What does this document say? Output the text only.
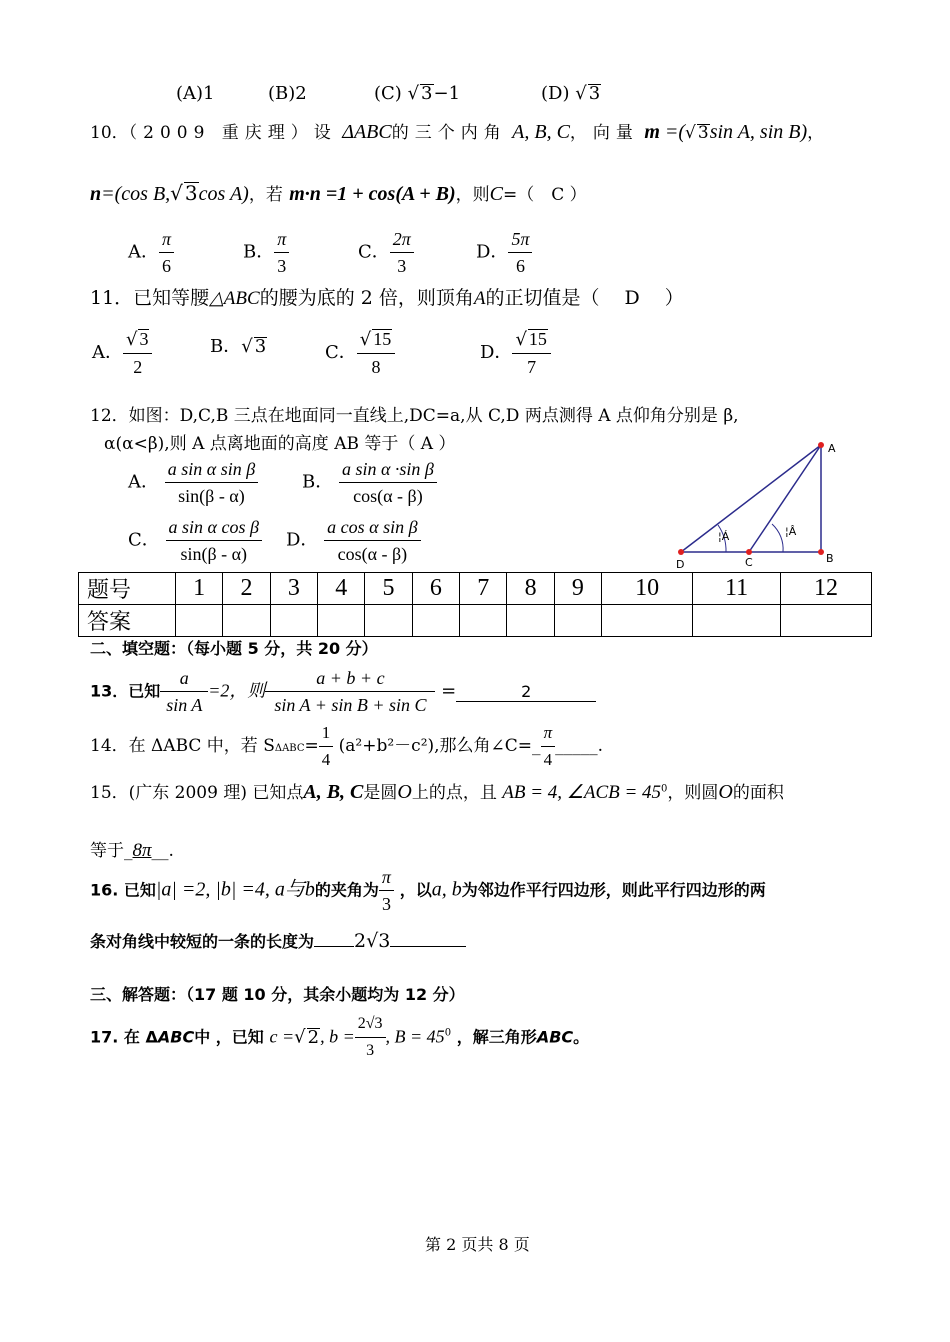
(A)1	(B)2	(C) √ 3−1	(D) √ 3
10．（2009 重庆理）设 ΔABC的三个内角 A, B, C，向量 m =(√ 3sin A, sin B)，
n=(cos B,√ 3cos A)，若 m·n =1 + cos(A + B)，则C=（　C ）
A． $\frac{\pi}{6}$	B． $\frac{\pi}{3}$	C． $\frac{2\pi}{3}$	D． $\frac{5\pi}{6}$
11．已知等腰△ABC的腰为底的 2 倍，则顶角A的正切值是（　 D　 ）
A． $\frac{√ 3}{2}$	B．√ 3	C． $\frac{√ 15}{8}$	D． $\frac{√ 15}{7}$
12．如图：D,C,B 三点在地面同一直线上,DC=a,从 C,D 两点测得 A 点仰角分别是 β,
α(α<β),则 A 点离地面的高度 AB 等于（ A ）
A． $\frac{\text{a sin α sin β}}{\sin(\beta - \alpha)}$ B． $\frac{\text{a sin α ·sin β}}{\cos(\alpha - \beta)}$
C． $\frac{\text{a sin α cos β}}{\sin(\beta - \alpha)}$ D． $\frac{\text{a cos α sin β}}{\cos(\alpha - \beta)}$
A
B
C
D
¦Á	¦Â
题号	1	2	3	4	5	6	7	8	9	10	11	12
答案												
二、填空题：（每小题 5 分，共 20 分）
13．已知 $\frac{a}{\text{sin A}} =2$，则 $\frac{a + b + c}{\text{sin A + sin B + sin C}}$ =	2
14．在 ΔABC 中，若 $S\Delta ABC= \frac{1}{4} (a^2+b^2-c^2)$,那么角∠C=_ $\frac{\pi}{4}$ _____.
15．(广东 2009 理) 已知点A, B, C是圆O上的点，且 AB = 4, ∠ACB = $45^0$，则圆O的面积
等于_8π__.
16. 已知|a| =2, |b| =4, a与b的夹角为 $\frac{\pi}{3}$ ，以a, b为邻边作平行四边形，则此平行四边形的两
条对角线中较短的一条的长度为 2√3
三、解答题：（17 题 10 分，其余小题均为 12 分）
17. 在 ΔABC中 ，已知 c =√ 2, $b = \frac{2√3}{3}$ , $B = 45^0$ ，解三角形ABC。
第 2 页共 8 页
